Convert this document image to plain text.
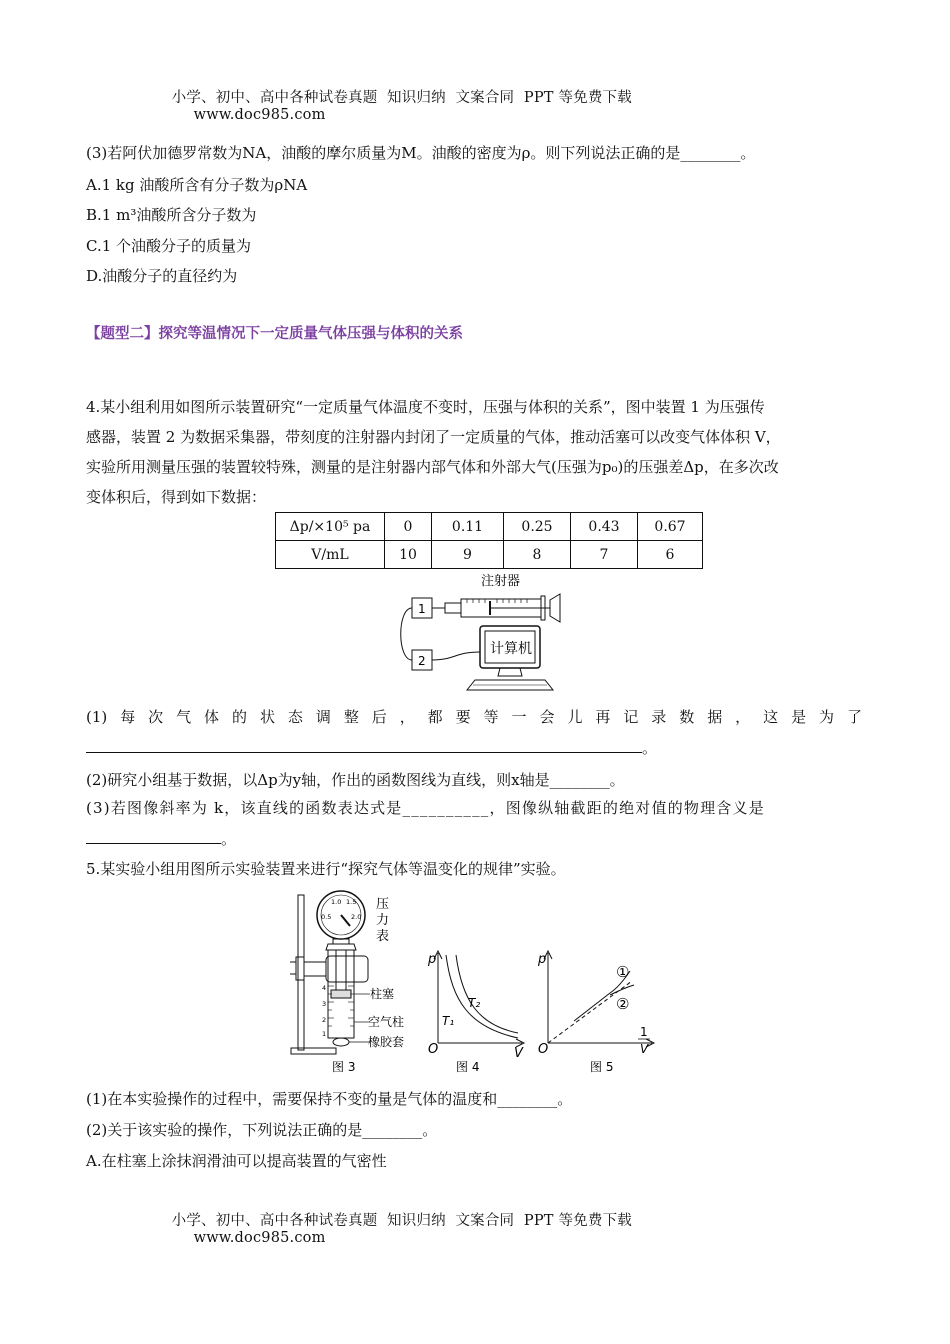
小学、初中、高中各种试卷真题  知识归纳  文案合同  PPT 等免费下载
www.doc985.com

(3)若阿伏加德罗常数为NA，油酸的摩尔质量为M。油酸的密度为ρ。则下列说法正确的是________。
A.1 kg 油酸所含有分子数为ρNA
B.1 m³油酸所含分子数为
C.1 个油酸分子的质量为
D.油酸分子的直径约为
【题型二】探究等温情况下一定质量气体压强与体积的关系
4.某小组利用如图所示装置研究“一定质量气体温度不变时，压强与体积的关系”，图中装置 1 为压强传
感器，装置 2 为数据采集器，带刻度的注射器内封闭了一定质量的气体，推动活塞可以改变气体体积 V，
实验所用测量压强的装置较特殊，测量的是注射器内部气体和外部大气(压强为p₀)的压强差Δp，在多次改
变体积后，得到如下数据：
Δp/×10⁵ pa	0	0.11	0.25	0.43	0.67
V/mL	10	9	8	7	6
注射器
1
2
计算机
(1) 每 次 气 体 的 状 态 调 整 后 ， 都 要 等 一 会 儿 再 记 录 数 据 ， 这 是 为 了
。
(2)研究小组基于数据，以Δp为y轴，作出的函数图线为直线，则x轴是________。
(3)若图像斜率为 k，该直线的函数表达式是__________，图像纵轴截距的绝对值的物理含义是
。
5.某实验小组用图所示实验装置来进行“探究气体等温变化的规律”实验。
0.5
1.0 1.5
2.0
4
3
2
1
压
力
表
柱塞
空气柱
橡胶套
图 3
p
V
O
T₁
T₂
图 4
p
1
V
O
①
②
图 5
(1)在本实验操作的过程中，需要保持不变的量是气体的温度和________。
(2)关于该实验的操作，下列说法正确的是________。
A.在柱塞上涂抹润滑油可以提高装置的气密性

小学、初中、高中各种试卷真题  知识归纳  文案合同  PPT 等免费下载
www.doc985.com
